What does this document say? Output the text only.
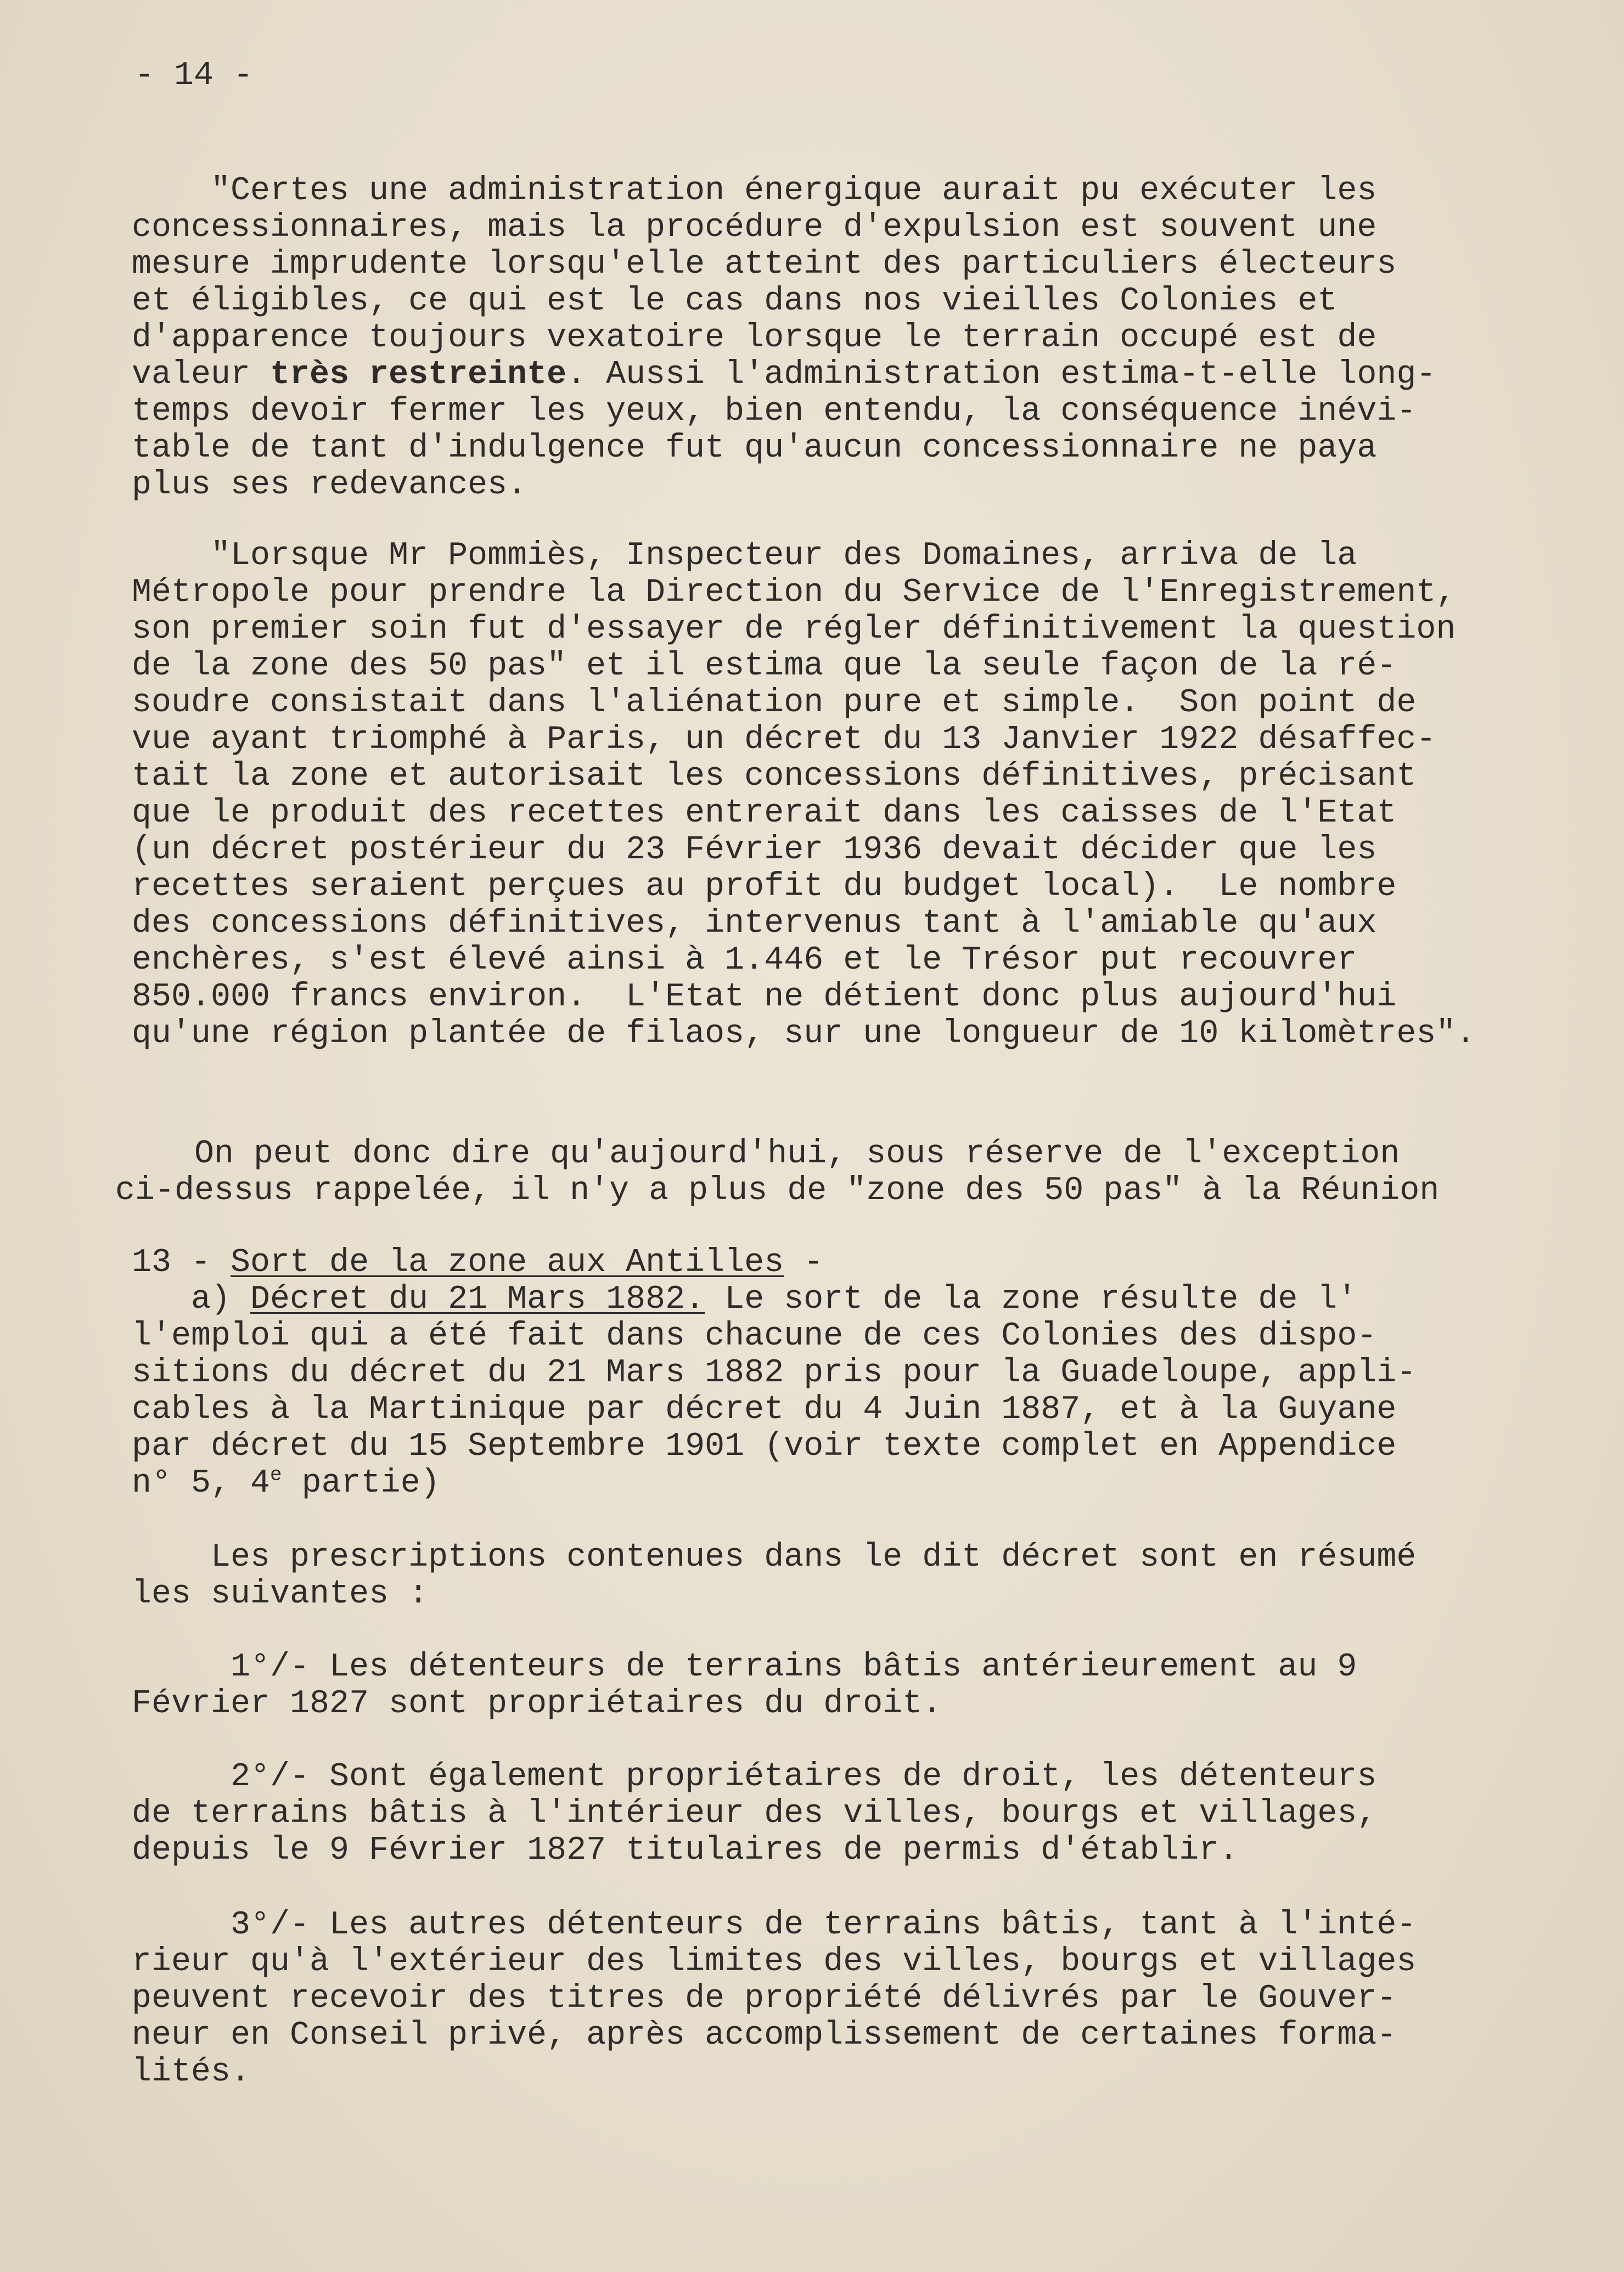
- 14 -
"Certes une administration énergique aurait pu exécuter les
concessionnaires, mais la procédure d'expulsion est souvent une
mesure imprudente lorsqu'elle atteint des particuliers électeurs
et éligibles, ce qui est le cas dans nos vieilles Colonies et
d'apparence toujours vexatoire lorsque le terrain occupé est de
valeur très restreinte. Aussi l'administration estima-t-elle long-
temps devoir fermer les yeux, bien entendu, la conséquence inévi-
table de tant d'indulgence fut qu'aucun concessionnaire ne paya
plus ses redevances.
"Lorsque Mr Pommiès, Inspecteur des Domaines, arriva de la
Métropole pour prendre la Direction du Service de l'Enregistrement,
son premier soin fut d'essayer de régler définitivement la question
de la zone des 50 pas" et il estima que la seule façon de la ré-
soudre consistait dans l'aliénation pure et simple.  Son point de
vue ayant triomphé à Paris, un décret du 13 Janvier 1922 désaffec-
tait la zone et autorisait les concessions définitives, précisant
que le produit des recettes entrerait dans les caisses de l'Etat
(un décret postérieur du 23 Février 1936 devait décider que les
recettes seraient perçues au profit du budget local).  Le nombre
des concessions définitives, intervenus tant à l'amiable qu'aux
enchères, s'est élevé ainsi à 1.446 et le Trésor put recouvrer
850.000 francs environ.  L'Etat ne détient donc plus aujourd'hui
qu'une région plantée de filaos, sur une longueur de 10 kilomètres".
On peut donc dire qu'aujourd'hui, sous réserve de l'exception
ci-dessus rappelée, il n'y a plus de "zone des 50 pas" à la Réunion
13 - Sort de la zone aux Antilles -
a) Décret du 21 Mars 1882. Le sort de la zone résulte de l'
l'emploi qui a été fait dans chacune de ces Colonies des dispo-
sitions du décret du 21 Mars 1882 pris pour la Guadeloupe, appli-
cables à la Martinique par décret du 4 Juin 1887, et à la Guyane
par décret du 15 Septembre 1901 (voir texte complet en Appendice
n° 5, 4e partie)
Les prescriptions contenues dans le dit décret sont en résumé
les suivantes :
1°/- Les détenteurs de terrains bâtis antérieurement au 9
Février 1827 sont propriétaires du droit.
2°/- Sont également propriétaires de droit, les détenteurs
de terrains bâtis à l'intérieur des villes, bourgs et villages,
depuis le 9 Février 1827 titulaires de permis d'établir.
3°/- Les autres détenteurs de terrains bâtis, tant à l'inté-
rieur qu'à l'extérieur des limites des villes, bourgs et villages
peuvent recevoir des titres de propriété délivrés par le Gouver-
neur en Conseil privé, après accomplissement de certaines forma-
lités.
